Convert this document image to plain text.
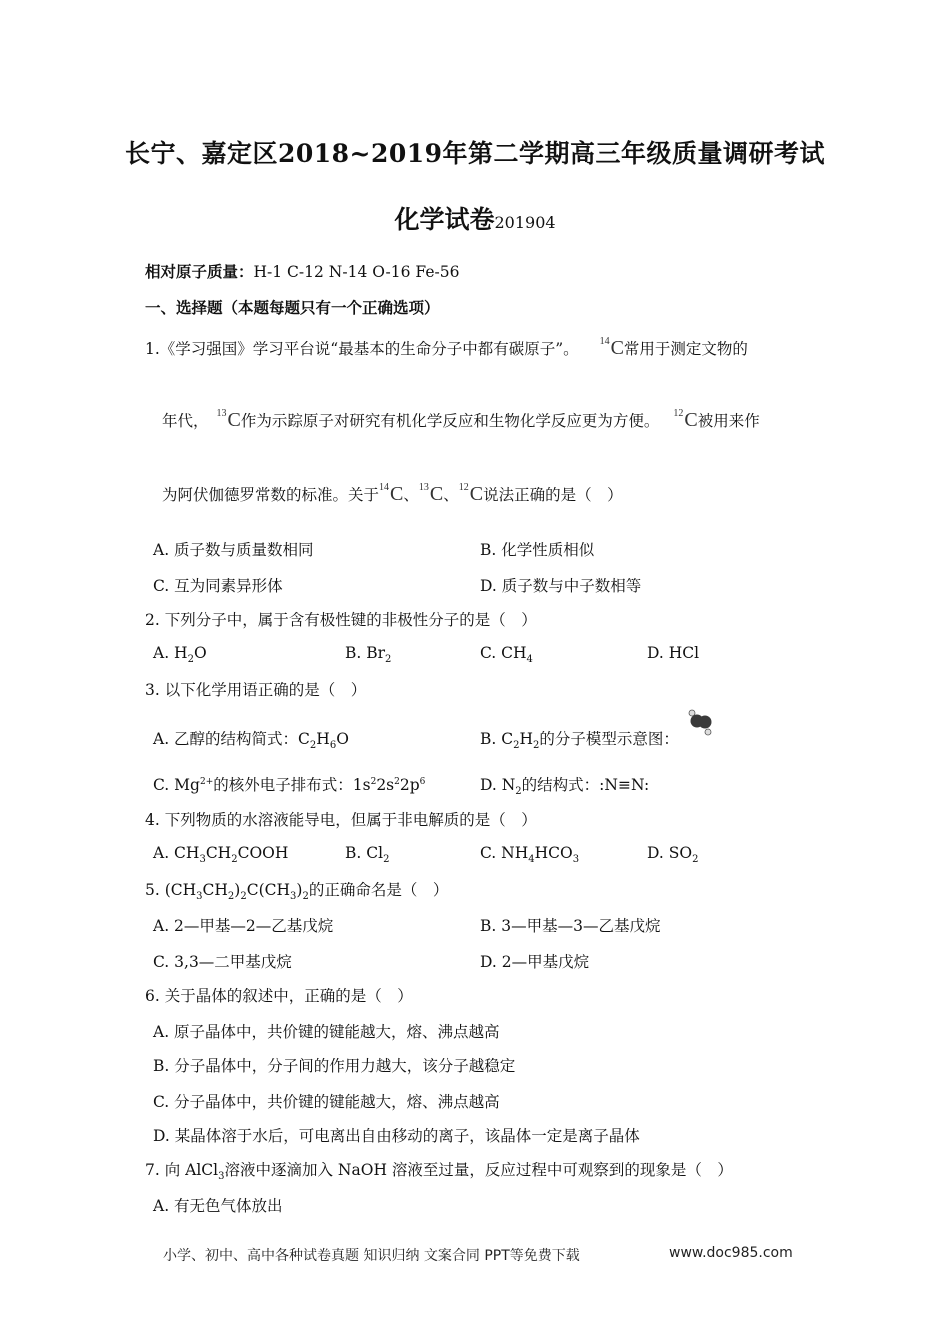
长宁、嘉定区2018~2019年第二学期高三年级质量调研考试
化学试卷201904
相对原子质量：H-1 C-12 N-14 O-16 Fe-56
一、选择题（本题每题只有一个正确选项）
1.《学习强国》学习平台说“最基本的生命分子中都有碳原子”。 $^{14}$C常用于测定文物的
年代， $^{13}$C作为示踪原子对研究有机化学反应和生物化学反应更为方便。 $^{12}$C被用来作
为阿伏伽德罗常数的标准。关于$^{14}$C、$^{13}$C、$^{12}$C说法正确的是（　）
A. 质子数与质量数相同	B. 化学性质相似
C. 互为同素异形体	D. 质子数与中子数相等
2. 下列分子中，属于含有极性键的非极性分子的是（　）
A. $H_2O$	B. $Br_2$	C. $CH_4$	D. HCl
3. 以下化学用语正确的是（　）
A. 乙醇的结构简式：$C_2H_6O$	B. $C_2H_2$的分子模型示意图：
C. $Mg^{2+}$的核外电子排布式：$1s^22s^22p^6$	D. $N_2$的结构式：:N≡N:
4. 下列物质的水溶液能导电，但属于非电解质的是（　）
A. $CH_3CH_2COOH$	B. $Cl_2$	C. $NH_4HCO_3$	D. $SO_2$
5. $(CH_3CH_2)_2C(CH_3)_2$的正确命名是（　）
A. 2—甲基—2—乙基戊烷	B. 3—甲基—3—乙基戊烷
C. 3,3—二甲基戊烷	D. 2—甲基戊烷
6. 关于晶体的叙述中，正确的是（　）
A. 原子晶体中，共价键的键能越大，熔、沸点越高
B. 分子晶体中，分子间的作用力越大，该分子越稳定
C. 分子晶体中，共价键的键能越大，熔、沸点越高
D. 某晶体溶于水后，可电离出自由移动的离子，该晶体一定是离子晶体
7. 向 AlCl$_3$溶液中逐滴加入 NaOH 溶液至过量，反应过程中可观察到的现象是（　）
A. 有无色气体放出
小学、初中、高中各种试卷真题 知识归纳 文案合同 PPT等免费下载	www.doc985.com
